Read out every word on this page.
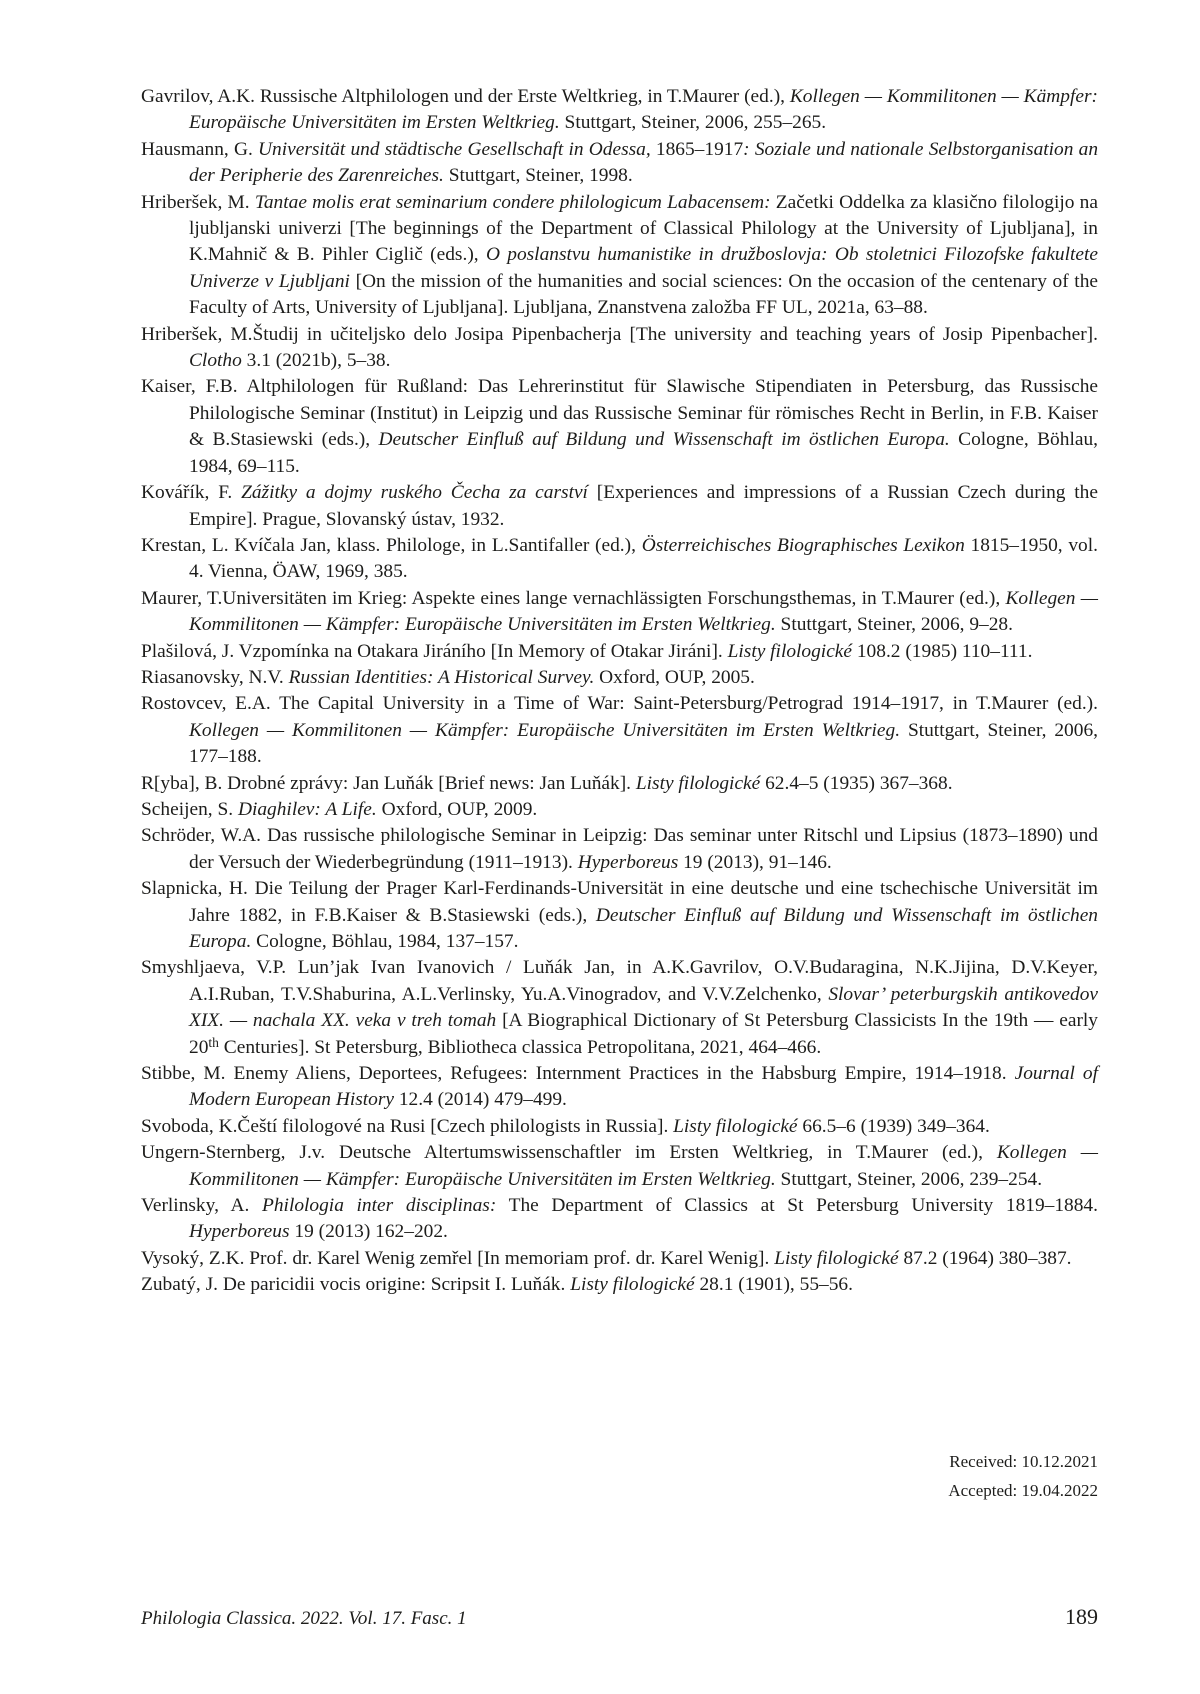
Gavrilov, A.K. Russische Altphilologen und der Erste Weltkrieg, in T.Maurer (ed.), Kollegen — Kommilitonen — Kämpfer: Europäische Universitäten im Ersten Weltkrieg. Stuttgart, Steiner, 2006, 255–265.

Hausmann, G. Universität und städtische Gesellschaft in Odessa, 1865–1917: Soziale und nationale Selbstorganisation an der Peripherie des Zarenreiches. Stuttgart, Steiner, 1998.

Hriberšek, M. Tantae molis erat seminarium condere philologicum Labacensem: Začetki Oddelka za klasično filologijo na ljubljanski univerzi [The beginnings of the Department of Classical Philology at the University of Ljubljana], in K.Mahnič & B. Pihler Ciglič (eds.), O poslanstvu humanistike in družboslovja: Ob stoletnici Filozofske fakultete Univerze v Ljubljani [On the mission of the humanities and social sciences: On the occasion of the centenary of the Faculty of Arts, University of Ljubljana]. Ljubljana, Znanstvena založba FF UL, 2021a, 63–88.

Hriberšek, M.Študij in učiteljsko delo Josipa Pipenbacherja [The university and teaching years of Josip Pipenbacher]. Clotho 3.1 (2021b), 5–38.

Kaiser, F.B. Altphilologen für Rußland: Das Lehrerinstitut für Slawische Stipendiaten in Petersburg, das Russische Philologische Seminar (Institut) in Leipzig und das Russische Seminar für römisches Recht in Berlin, in F.B. Kaiser & B.Stasiewski (eds.), Deutscher Einfluß auf Bildung und Wissenschaft im östlichen Europa. Cologne, Böhlau, 1984, 69–115.

Kovářík, F. Zážitky a dojmy ruského Čecha za carství [Experiences and impressions of a Russian Czech during the Empire]. Prague, Slovanský ústav, 1932.

Krestan, L. Kvíčala Jan, klass. Philologe, in L.Santifaller (ed.), Österreichisches Biographisches Lexikon 1815–1950, vol. 4. Vienna, ÖAW, 1969, 385.

Maurer, T.Universitäten im Krieg: Aspekte eines lange vernachlässigten Forschungsthemas, in T.Maurer (ed.), Kollegen — Kommilitonen — Kämpfer: Europäische Universitäten im Ersten Weltkrieg. Stuttgart, Steiner, 2006, 9–28.

Plašilová, J. Vzpomínka na Otakara Jiráního [In Memory of Otakar Jiráni]. Listy filologické 108.2 (1985) 110–111.

Riasanovsky, N.V. Russian Identities: A Historical Survey. Oxford, OUP, 2005.

Rostovcev, E.A. The Capital University in a Time of War: Saint-Petersburg/Petrograd 1914–1917, in T.Maurer (ed.). Kollegen — Kommilitonen — Kämpfer: Europäische Universitäten im Ersten Weltkrieg. Stuttgart, Steiner, 2006, 177–188.

R[yba], B. Drobné zprávy: Jan Luňák [Brief news: Jan Luňák]. Listy filologické 62.4–5 (1935) 367–368.

Scheijen, S. Diaghilev: A Life. Oxford, OUP, 2009.

Schröder, W.A. Das russische philologische Seminar in Leipzig: Das seminar unter Ritschl und Lipsius (1873–1890) und der Versuch der Wiederbegründung (1911–1913). Hyperboreus 19 (2013), 91–146.

Slapnicka, H. Die Teilung der Prager Karl-Ferdinands-Universität in eine deutsche und eine tschechische Universität im Jahre 1882, in F.B.Kaiser & B.Stasiewski (eds.), Deutscher Einfluß auf Bildung und Wissenschaft im östlichen Europa. Cologne, Böhlau, 1984, 137–157.

Smyshljaeva, V.P. Lun’jak Ivan Ivanovich / Luňák Jan, in A.K.Gavrilov, O.V.Budaragina, N.K.Jijina, D.V.Keyer, A.I.Ruban, T.V.Shaburina, A.L.Verlinsky, Yu.A.Vinogradov, and V.V.Zelchenko, Slovar’ peterburgskih antikovedov XIX. — nachala XX. veka v treh tomah [A Biographical Dictionary of St Petersburg Classicists In the 19th — early 20th Centuries]. St Petersburg, Bibliotheca classica Petropolitana, 2021, 464–466.

Stibbe, M. Enemy Aliens, Deportees, Refugees: Internment Practices in the Habsburg Empire, 1914–1918. Journal of Modern European History 12.4 (2014) 479–499.

Svoboda, K.Čeští filologové na Rusi [Czech philologists in Russia]. Listy filologické 66.5–6 (1939) 349–364.

Ungern-Sternberg, J.v. Deutsche Altertumswissenschaftler im Ersten Weltkrieg, in T.Maurer (ed.), Kollegen — Kommilitonen — Kämpfer: Europäische Universitäten im Ersten Weltkrieg. Stuttgart, Steiner, 2006, 239–254.

Verlinsky, A. Philologia inter disciplinas: The Department of Classics at St Petersburg University 1819–1884. Hyperboreus 19 (2013) 162–202.

Vysoký, Z.K. Prof. dr. Karel Wenig zemřel [In memoriam prof. dr. Karel Wenig]. Listy filologické 87.2 (1964) 380–387.

Zubatý, J. De paricidii vocis origine: Scripsit I. Luňák. Listy filologické 28.1 (1901), 55–56.

Received: 10.12.2021
Accepted: 19.04.2022
Philologia Classica. 2022. Vol. 17. Fasc. 1	189
